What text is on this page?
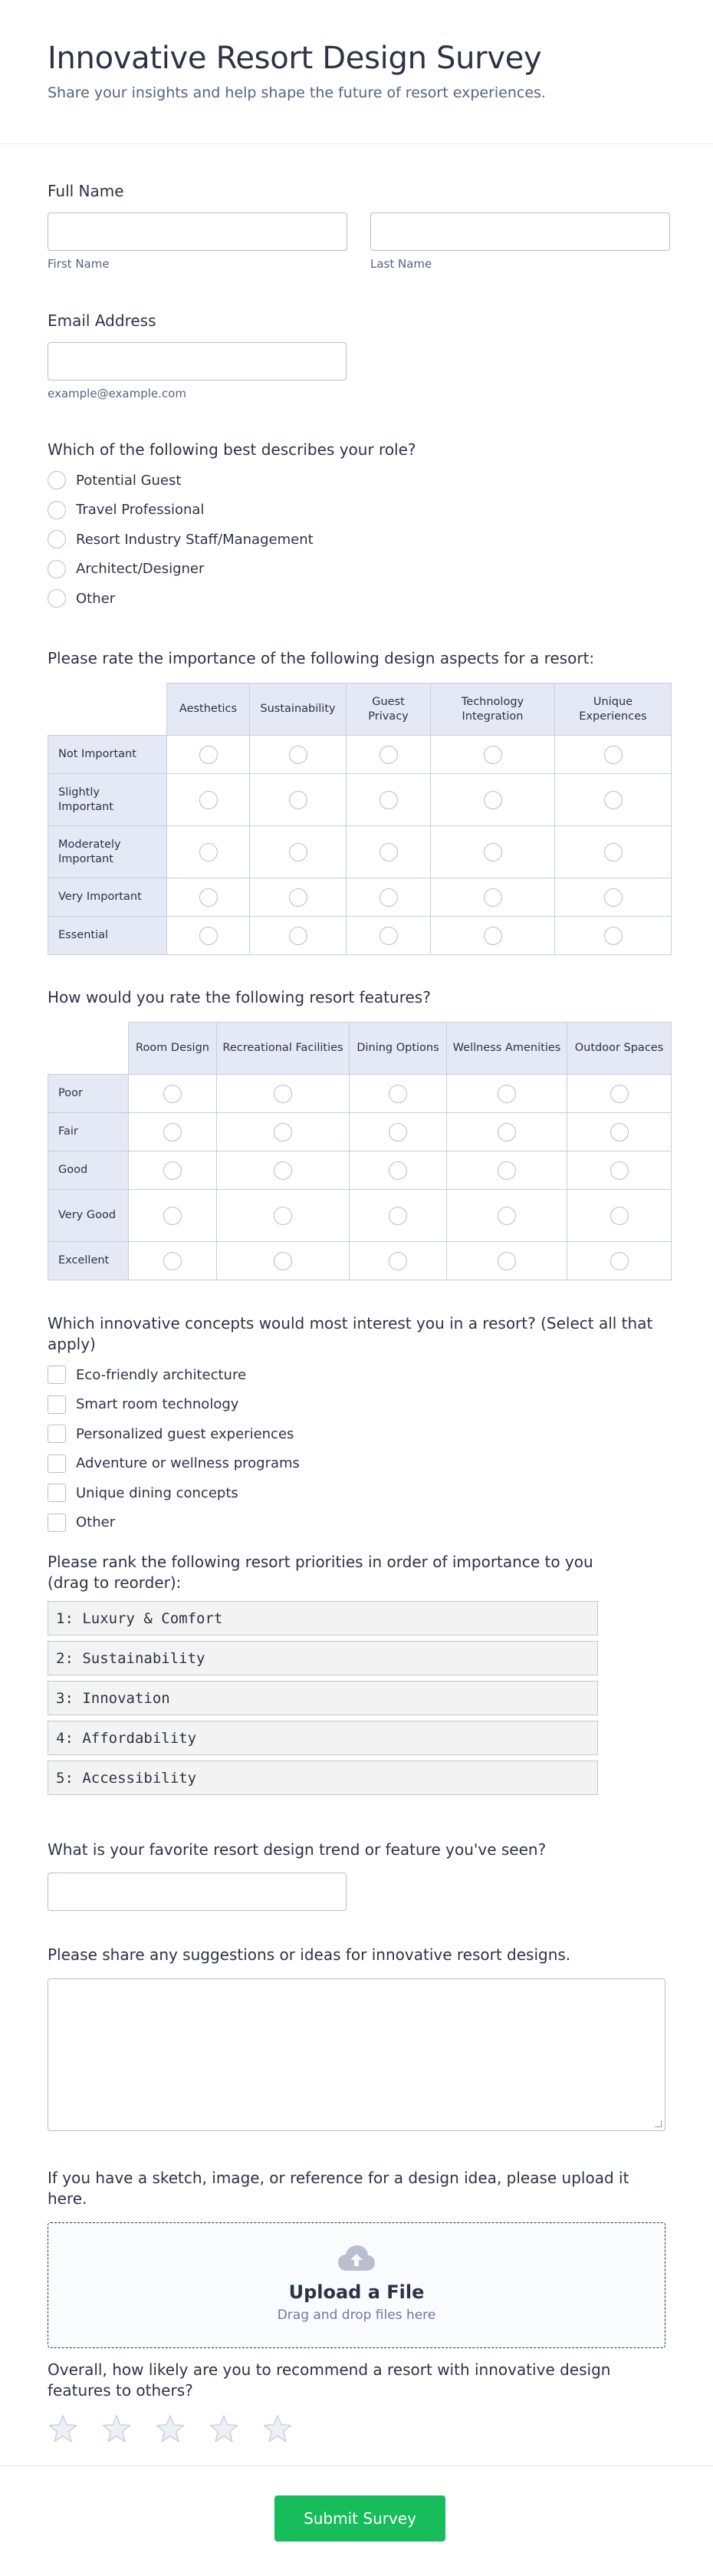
Innovative Resort Design Survey

Share your insights and help shape the future of resort experiences.

Full Name
First Name	Last Name
Email Address
example@example.com
Which of the following best describes your role?
Potential Guest
Travel Professional
Resort Industry Staff/Management
Architect/Designer
Other
Please rate the importance of the following design aspects for a resort:
	Aesthetics	Sustainability	Guest Privacy	Technology Integration	Unique Experiences
Not Important					
Slightly Important					
Moderately Important					
Very Important					
Essential					
How would you rate the following resort features?
	Room Design	Recreational Facilities	Dining Options	Wellness Amenities	Outdoor Spaces
Poor					
Fair					
Good					
Very Good					
Excellent					
Which innovative concepts would most interest you in a resort? (Select all that apply)
Eco-friendly architecture
Smart room technology
Personalized guest experiences
Adventure or wellness programs
Unique dining concepts
Other
Please rank the following resort priorities in order of importance to you (drag to reorder):
1: Luxury & Comfort
2: Sustainability
3: Innovation
4: Affordability
5: Accessibility
What is your favorite resort design trend or feature you've seen?
Please share any suggestions or ideas for innovative resort designs.
If you have a sketch, image, or reference for a design idea, please upload it here.
Upload a File
Drag and drop files here
Overall, how likely are you to recommend a resort with innovative design features to others?
Submit Survey
